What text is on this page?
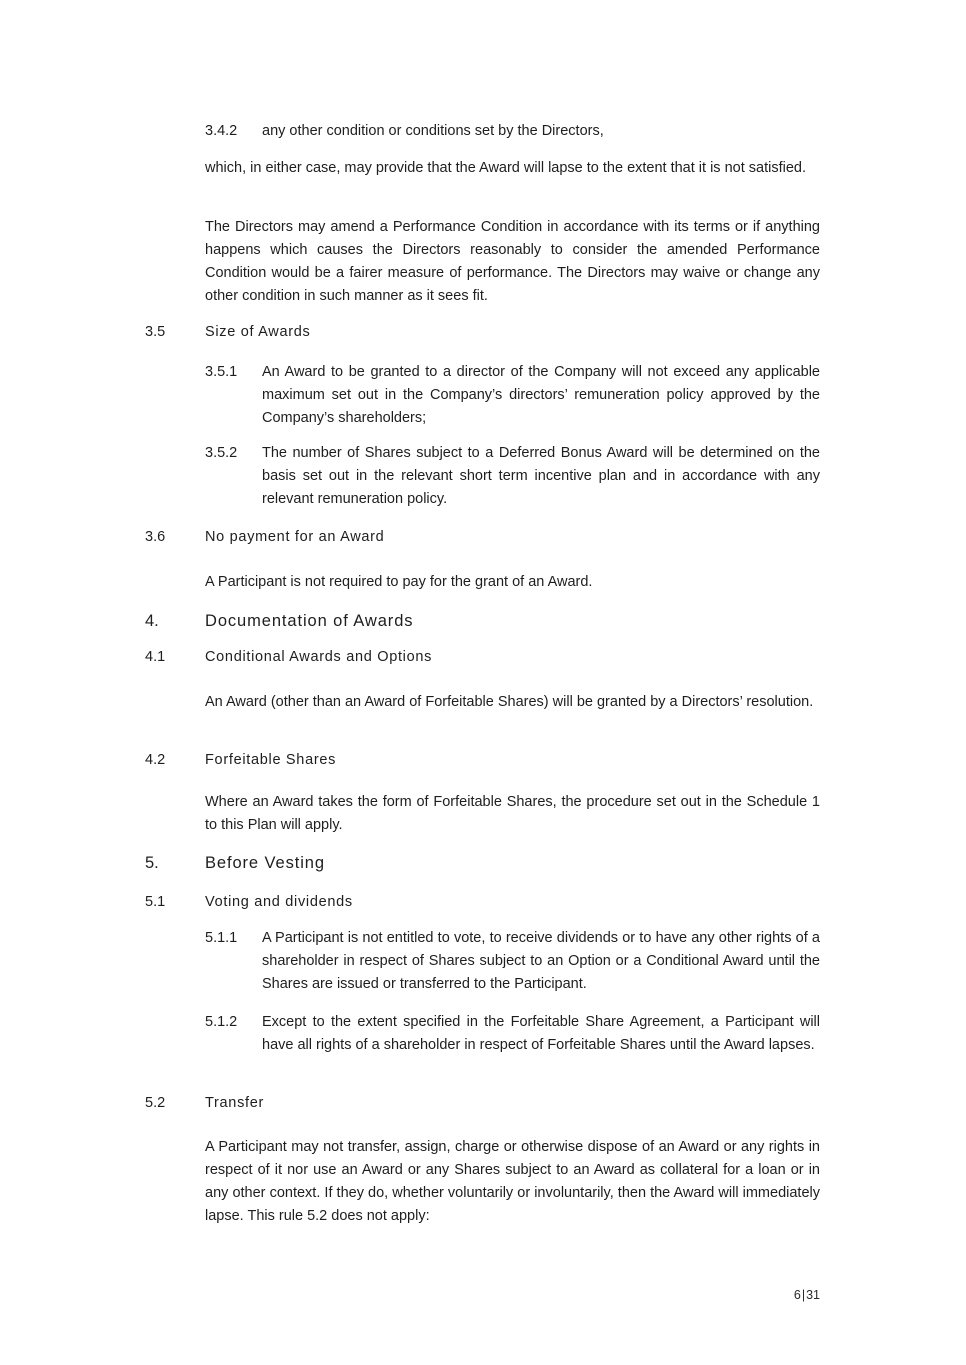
3.4.2	any other condition or conditions set by the Directors,
which, in either case, may provide that the Award will lapse to the extent that it is not satisfied.
The Directors may amend a Performance Condition in accordance with its terms or if anything happens which causes the Directors reasonably to consider the amended Performance Condition would be a fairer measure of performance. The Directors may waive or change any other condition in such manner as it sees fit.
3.5	Size of Awards
3.5.1	An Award to be granted to a director of the Company will not exceed any applicable maximum set out in the Company’s directors’ remuneration policy approved by the Company’s shareholders;
3.5.2	The number of Shares subject to a Deferred Bonus Award will be determined on the basis set out in the relevant short term incentive plan and in accordance with any relevant remuneration policy.
3.6	No payment for an Award
A Participant is not required to pay for the grant of an Award.
4.	Documentation of Awards
4.1	Conditional Awards and Options
An Award (other than an Award of Forfeitable Shares) will be granted by a Directors’ resolution.
4.2	Forfeitable Shares
Where an Award takes the form of Forfeitable Shares, the procedure set out in the Schedule 1 to this Plan will apply.
5.	Before Vesting
5.1	Voting and dividends
5.1.1	A Participant is not entitled to vote, to receive dividends or to have any other rights of a shareholder in respect of Shares subject to an Option or a Conditional Award until the Shares are issued or transferred to the Participant.
5.1.2	Except to the extent specified in the Forfeitable Share Agreement, a Participant will have all rights of a shareholder in respect of Forfeitable Shares until the Award lapses.
5.2	Transfer
A Participant may not transfer, assign, charge or otherwise dispose of an Award or any rights in respect of it nor use an Award or any Shares subject to an Award as collateral for a loan or in any other context. If they do, whether voluntarily or involuntarily, then the Award will immediately lapse. This rule 5.2 does not apply:
6|31
